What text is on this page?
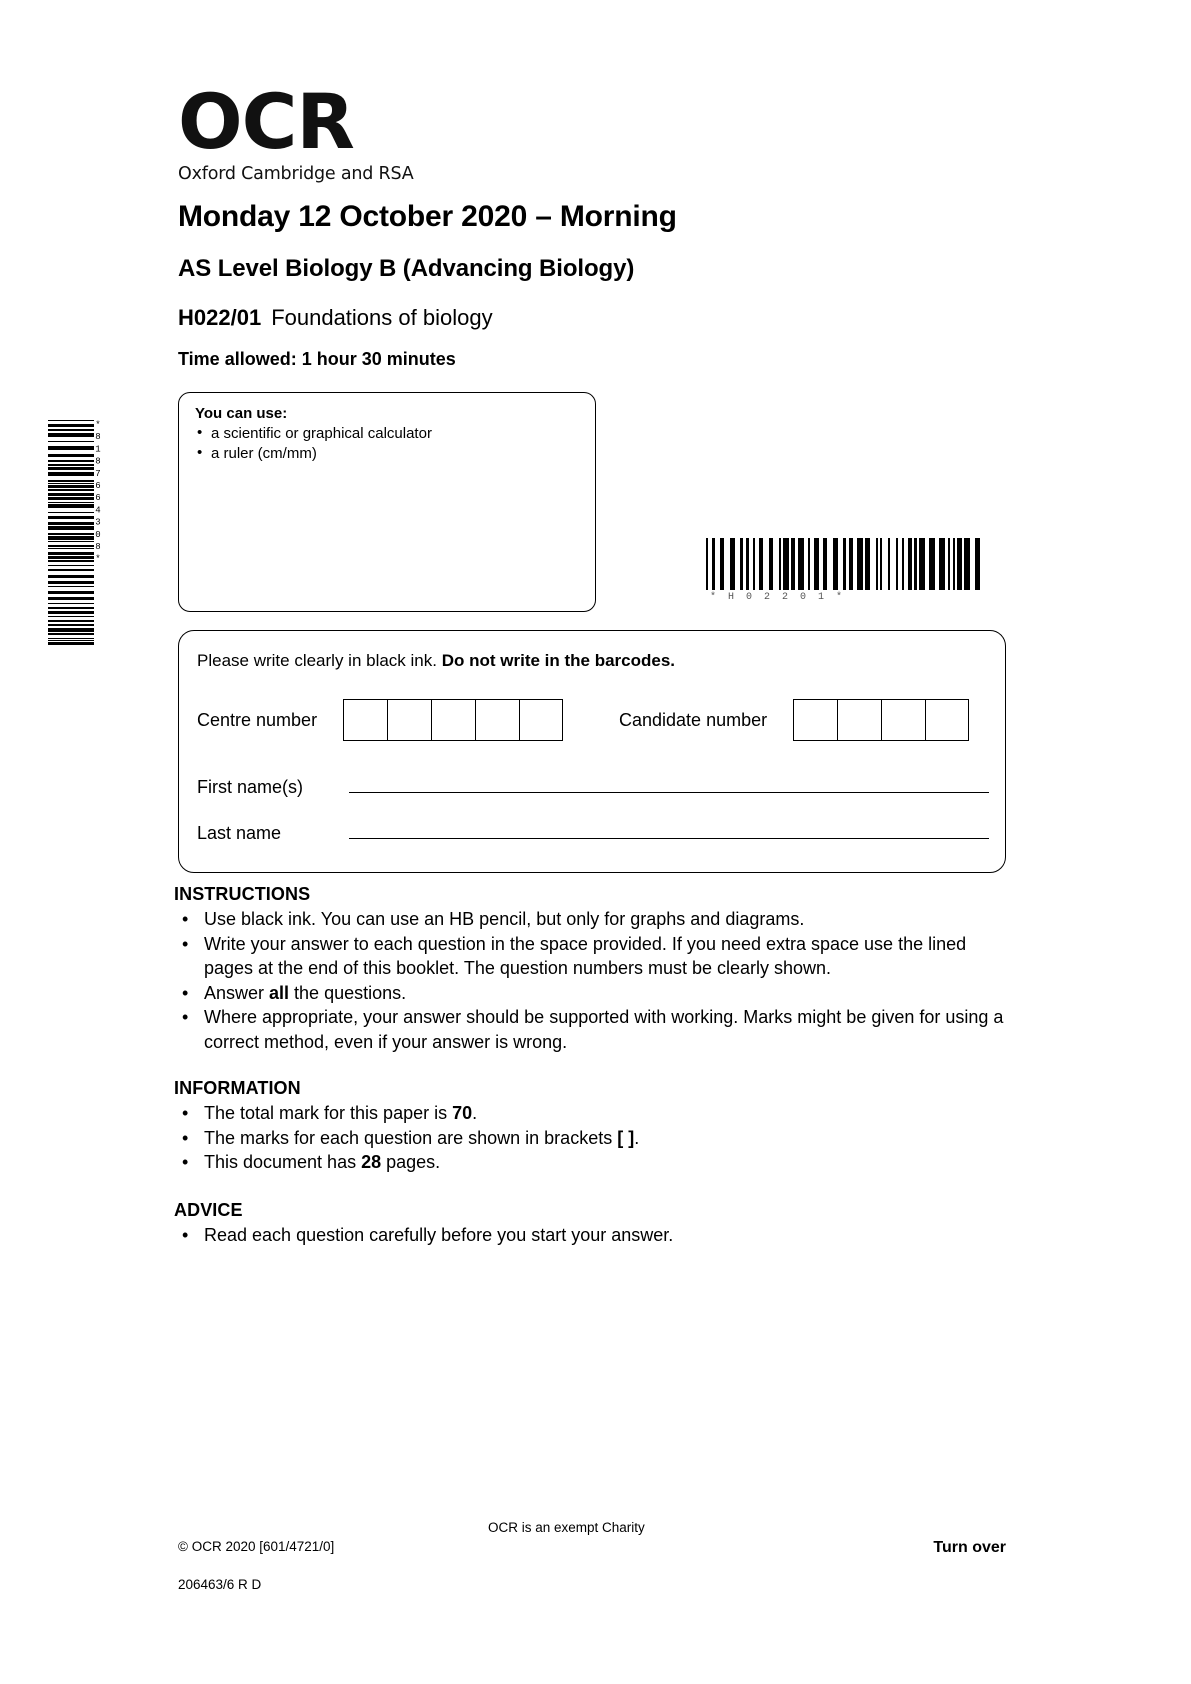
*8187664308*
OCR
Oxford Cambridge and RSA
Monday 12 October 2020 – Morning
AS Level Biology B (Advancing Biology)
H022/01 Foundations of biology
Time allowed: 1 hour 30 minutes
You can use:
• a scientific or graphical calculator
• a ruler (cm/mm)
*H02201*
Please write clearly in black ink. Do not write in the barcodes.
Centre number	Candidate number
First name(s)
Last name
INSTRUCTIONS
• Use black ink. You can use an HB pencil, but only for graphs and diagrams.
• Write your answer to each question in the space provided. If you need extra space use the lined pages at the end of this booklet. The question numbers must be clearly shown.
• Answer all the questions.
• Where appropriate, your answer should be supported with working. Marks might be given for using a correct method, even if your answer is wrong.
INFORMATION
• The total mark for this paper is 70.
• The marks for each question are shown in brackets [ ].
• This document has 28 pages.
ADVICE
• Read each question carefully before you start your answer.

© OCR 2020 [601/4721/0]

206463/6 R D

OCR is an exempt Charity
Turn over
